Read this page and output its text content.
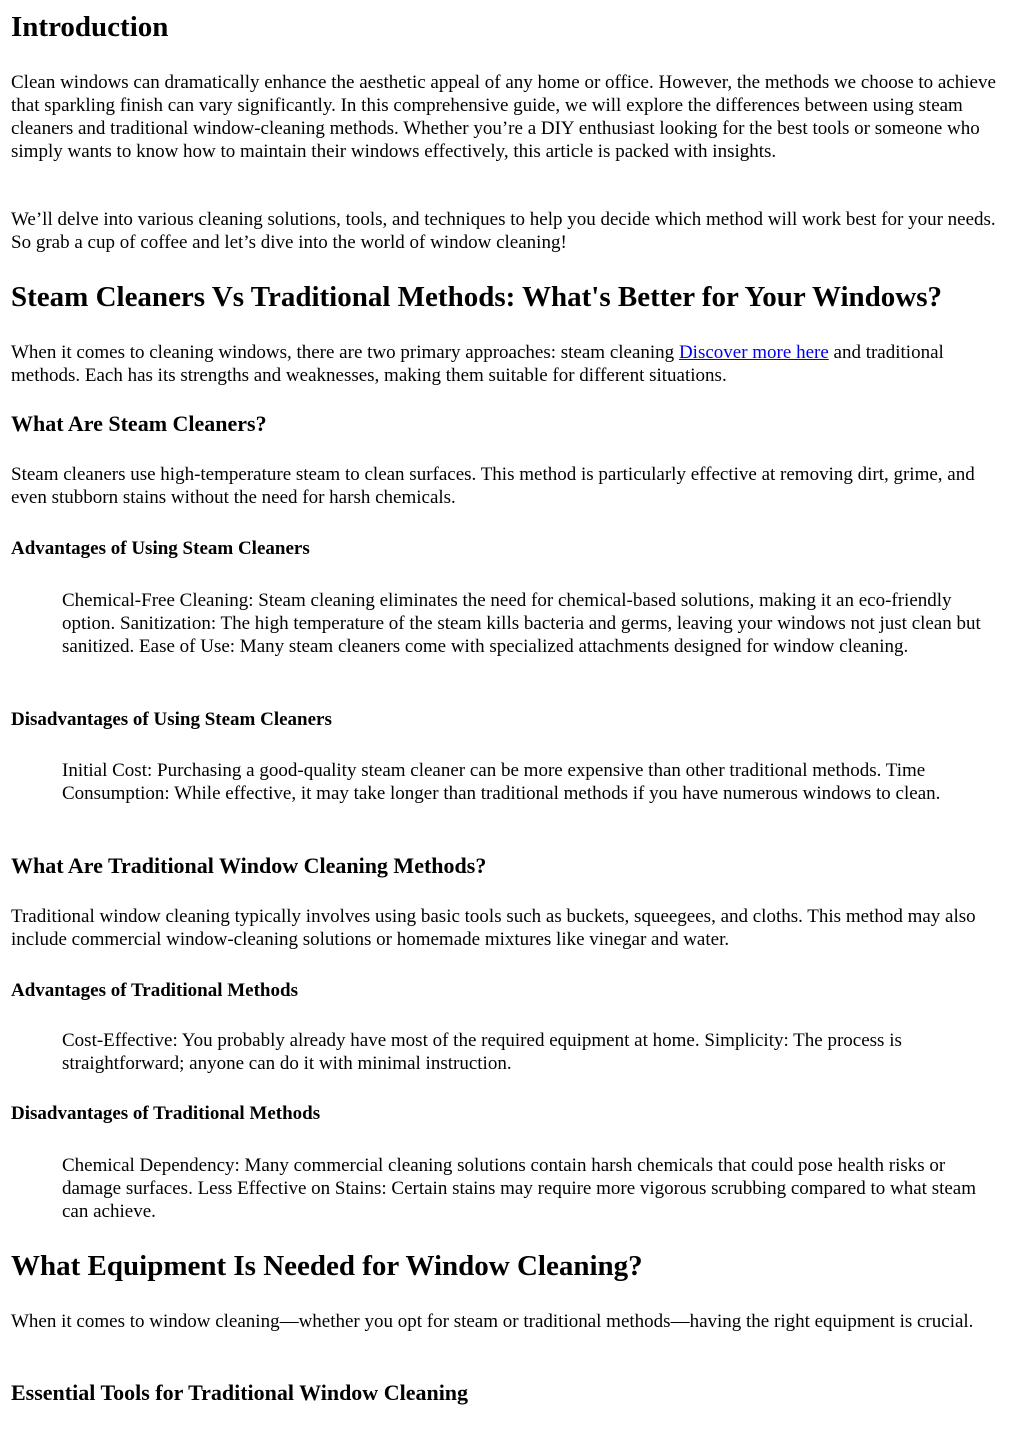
Introduction

Clean windows can dramatically enhance the aesthetic appeal of any home or office. However, the methods we choose to achieve that sparkling finish can vary significantly. In this comprehensive guide, we will explore the differences between using steam cleaners and traditional window-cleaning methods. Whether you’re a DIY enthusiast looking for the best tools or someone who simply wants to know how to maintain their windows effectively, this article is packed with insights.

We’ll delve into various cleaning solutions, tools, and techniques to help you decide which method will work best for your needs. So grab a cup of coffee and let’s dive into the world of window cleaning!

Steam Cleaners Vs Traditional Methods: What's Better for Your Windows?

When it comes to cleaning windows, there are two primary approaches: steam cleaning Discover more here and traditional methods. Each has its strengths and weaknesses, making them suitable for different situations.

What Are Steam Cleaners?

Steam cleaners use high-temperature steam to clean surfaces. This method is particularly effective at removing dirt, grime, and even stubborn stains without the need for harsh chemicals.

Advantages of Using Steam Cleaners

Chemical-Free Cleaning: Steam cleaning eliminates the need for chemical-based solutions, making it an eco-friendly option. Sanitization: The high temperature of the steam kills bacteria and germs, leaving your windows not just clean but sanitized. Ease of Use: Many steam cleaners come with specialized attachments designed for window cleaning.

Disadvantages of Using Steam Cleaners

Initial Cost: Purchasing a good-quality steam cleaner can be more expensive than other traditional methods. Time Consumption: While effective, it may take longer than traditional methods if you have numerous windows to clean.

What Are Traditional Window Cleaning Methods?

Traditional window cleaning typically involves using basic tools such as buckets, squeegees, and cloths. This method may also include commercial window-cleaning solutions or homemade mixtures like vinegar and water.

Advantages of Traditional Methods

Cost-Effective: You probably already have most of the required equipment at home. Simplicity: The process is straightforward; anyone can do it with minimal instruction.

Disadvantages of Traditional Methods

Chemical Dependency: Many commercial cleaning solutions contain harsh chemicals that could pose health risks or damage surfaces. Less Effective on Stains: Certain stains may require more vigorous scrubbing compared to what steam can achieve.

What Equipment Is Needed for Window Cleaning?

When it comes to window cleaning—whether you opt for steam or traditional methods—having the right equipment is crucial.

Essential Tools for Traditional Window Cleaning
